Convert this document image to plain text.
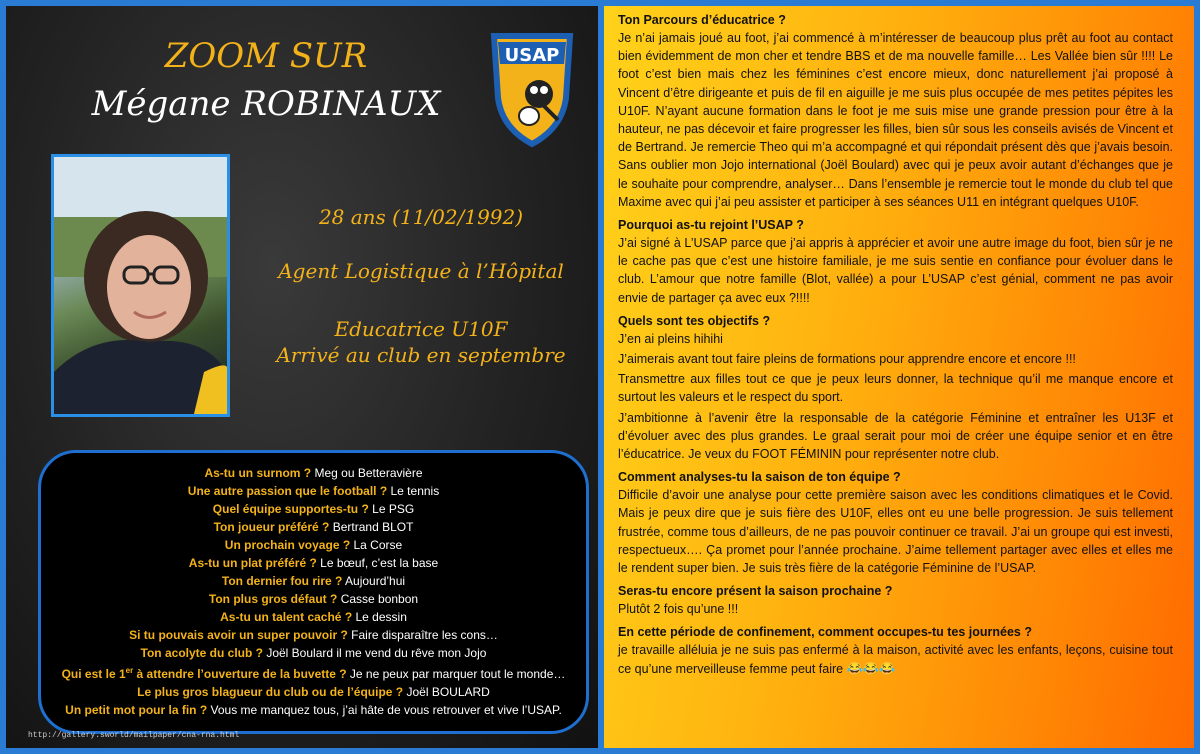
ZOOM SUR
Mégane ROBINAUX
USAP
28 ans (11/02/1992)
Agent Logistique à l’Hôpital
Educatrice U10F
Arrivé au club en septembre
As-tu un surnom ? Meg ou Betteravière
Une autre passion que le football ? Le tennis
Quel équipe supportes-tu ? Le PSG
Ton joueur préféré ? Bertrand BLOT
Un prochain voyage ? La Corse
As-tu un plat préféré ? Le bœuf, c’est la base
Ton dernier fou rire ? Aujourd’hui
Ton plus gros défaut ? Casse bonbon
As-tu un talent caché ? Le dessin
Si tu pouvais avoir un super pouvoir ? Faire disparaître les cons…
Ton acolyte du club ? Joël Boulard il me vend du rêve mon Jojo
Qui est le 1er à attendre l’ouverture de la buvette ? Je ne peux par marquer tout le monde…
Le plus gros blagueur du club ou de l’équipe ? Joël BOULARD
Un petit mot pour la fin ? Vous me manquez tous, j’ai hâte de vous retrouver et vive l’USAP.
http://gallery.sworld/mailpaper/cna-rna.html

Ton Parcours d’éducatrice ?

Je n’ai jamais joué au foot, j’ai commencé à m’intéresser de beaucoup plus prêt au foot au contact bien évidemment de mon cher et tendre BBS et de ma nouvelle famille… Les Vallée bien sûr !!!! Le foot c’est bien mais chez les féminines c’est encore mieux, donc naturellement j’ai proposé à Vincent d’être dirigeante et puis de fil en aiguille je me suis plus occupée de mes petites pépites les U10F. N’ayant aucune formation dans le foot je me suis mise une grande pression pour être à la hauteur, ne pas décevoir et faire progresser les filles, bien sûr sous les conseils avisés de Vincent et de Bertrand. Je remercie Theo qui m’a accompagné et qui répondait présent dès que j’avais besoin. Sans oublier mon Jojo international (Joël Boulard) avec qui je peux avoir autant d’échanges que je le souhaite pour comprendre, analyser… Dans l’ensemble je remercie tout le monde du club tel que Maxime avec qui j’ai peu assister et participer à ses séances U11 en intégrant quelques U10F.

Pourquoi as-tu rejoint l’USAP ?

J’ai signé à L’USAP parce que j’ai appris à apprécier et avoir une autre image du foot, bien sûr je ne le cache pas que c’est une histoire familiale, je me suis sentie en confiance pour évoluer dans le club. L’amour que notre famille (Blot, vallée) a pour L’USAP c’est génial, comment ne pas avoir envie de partager ça avec eux ?!!!!

Quels sont tes objectifs ?

J’en ai pleins hihihi

J’aimerais avant tout faire pleins de formations pour apprendre encore et encore !!!

Transmettre aux filles tout ce que je peux leurs donner, la technique qu’il me manque encore et surtout les valeurs et le respect du sport.

J’ambitionne à l’avenir être la responsable de la catégorie Féminine et entraîner les U13F et d’évoluer avec des plus grandes. Le graal serait pour moi de créer une équipe senior et en être l’éducatrice. Je veux du FOOT FÉMININ pour représenter notre club.

Comment analyses-tu la saison de ton équipe ?

Difficile d’avoir une analyse pour cette première saison avec les conditions climatiques et le Covid. Mais je peux dire que je suis fière des U10F, elles ont eu une belle progression. Je suis tellement frustrée, comme tous d’ailleurs, de ne pas pouvoir continuer ce travail. J’ai un groupe qui est investi, respectueux…. Ça promet pour l’année prochaine. J’aime tellement partager avec elles et elles me le rendent super bien. Je suis très fière de la catégorie Féminine de l’USAP.

Seras-tu encore présent la saison prochaine ?

Plutôt 2 fois qu’une !!!

En cette période de confinement, comment occupes-tu tes journées ?

je travaille alléluia je ne suis pas enfermé à la maison, activité avec les enfants, leçons, cuisine tout ce qu’une merveilleuse femme peut faire 😂😂😂
